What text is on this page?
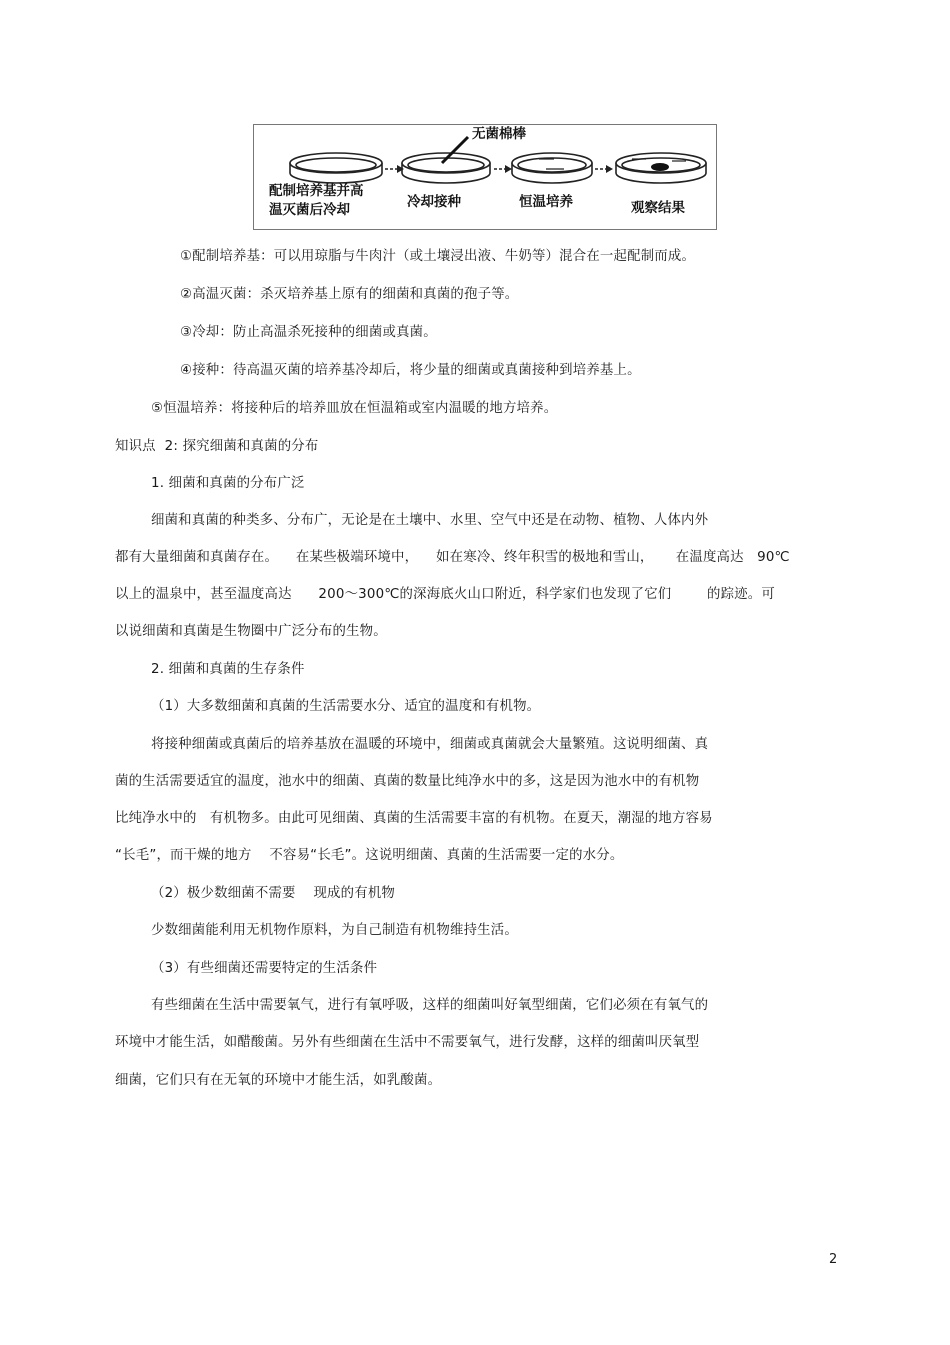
无菌棉棒
配制培养基并高
温灭菌后冷却	冷却接种	恒温培养	观察结果
①配制培养基：可以用琼脂与牛肉汁（或土壤浸出液、牛奶等）混合在一起配制而成。
②高温灭菌：杀灭培养基上原有的细菌和真菌的孢子等。
③冷却：防止高温杀死接种的细菌或真菌。
④接种：待高温灭菌的培养基冷却后，将少量的细菌或真菌接种到培养基上。
⑤恒温培养：将接种后的培养皿放在恒温箱或室内温暖的地方培养。
知识点  2: 探究细菌和真菌的分布
1. 细菌和真菌的分布广泛
细菌和真菌的种类多、分布广，无论是在土壤中、水里、空气中还是在动物、植物、人体内外
都有大量细菌和真菌存在。    在某些极端环境中，    如在寒冷、终年积雪的极地和雪山，     在温度高达   90℃
以上的温泉中，甚至温度高达      200～300℃的深海底火山口附近，科学家们也发现了它们        的踪迹。可
以说细菌和真菌是生物圈中广泛分布的生物。
2. 细菌和真菌的生存条件
（1）大多数细菌和真菌的生活需要水分、适宜的温度和有机物。
将接种细菌或真菌后的培养基放在温暖的环境中，细菌或真菌就会大量繁殖。这说明细菌、真
菌的生活需要适宜的温度，池水中的细菌、真菌的数量比纯净水中的多，这是因为池水中的有机物
比纯净水中的   有机物多。由此可见细菌、真菌的生活需要丰富的有机物。在夏天，潮湿的地方容易
“长毛”，而干燥的地方    不容易“长毛”。这说明细菌、真菌的生活需要一定的水分。
（2）极少数细菌不需要    现成的有机物
少数细菌能利用无机物作原料，为自己制造有机物维持生活。
（3）有些细菌还需要特定的生活条件
有些细菌在生活中需要氧气，进行有氧呼吸，这样的细菌叫好氧型细菌，它们必须在有氧气的
环境中才能生活，如醋酸菌。另外有些细菌在生活中不需要氧气，进行发酵，这样的细菌叫厌氧型
细菌，它们只有在无氧的环境中才能生活，如乳酸菌。
2
